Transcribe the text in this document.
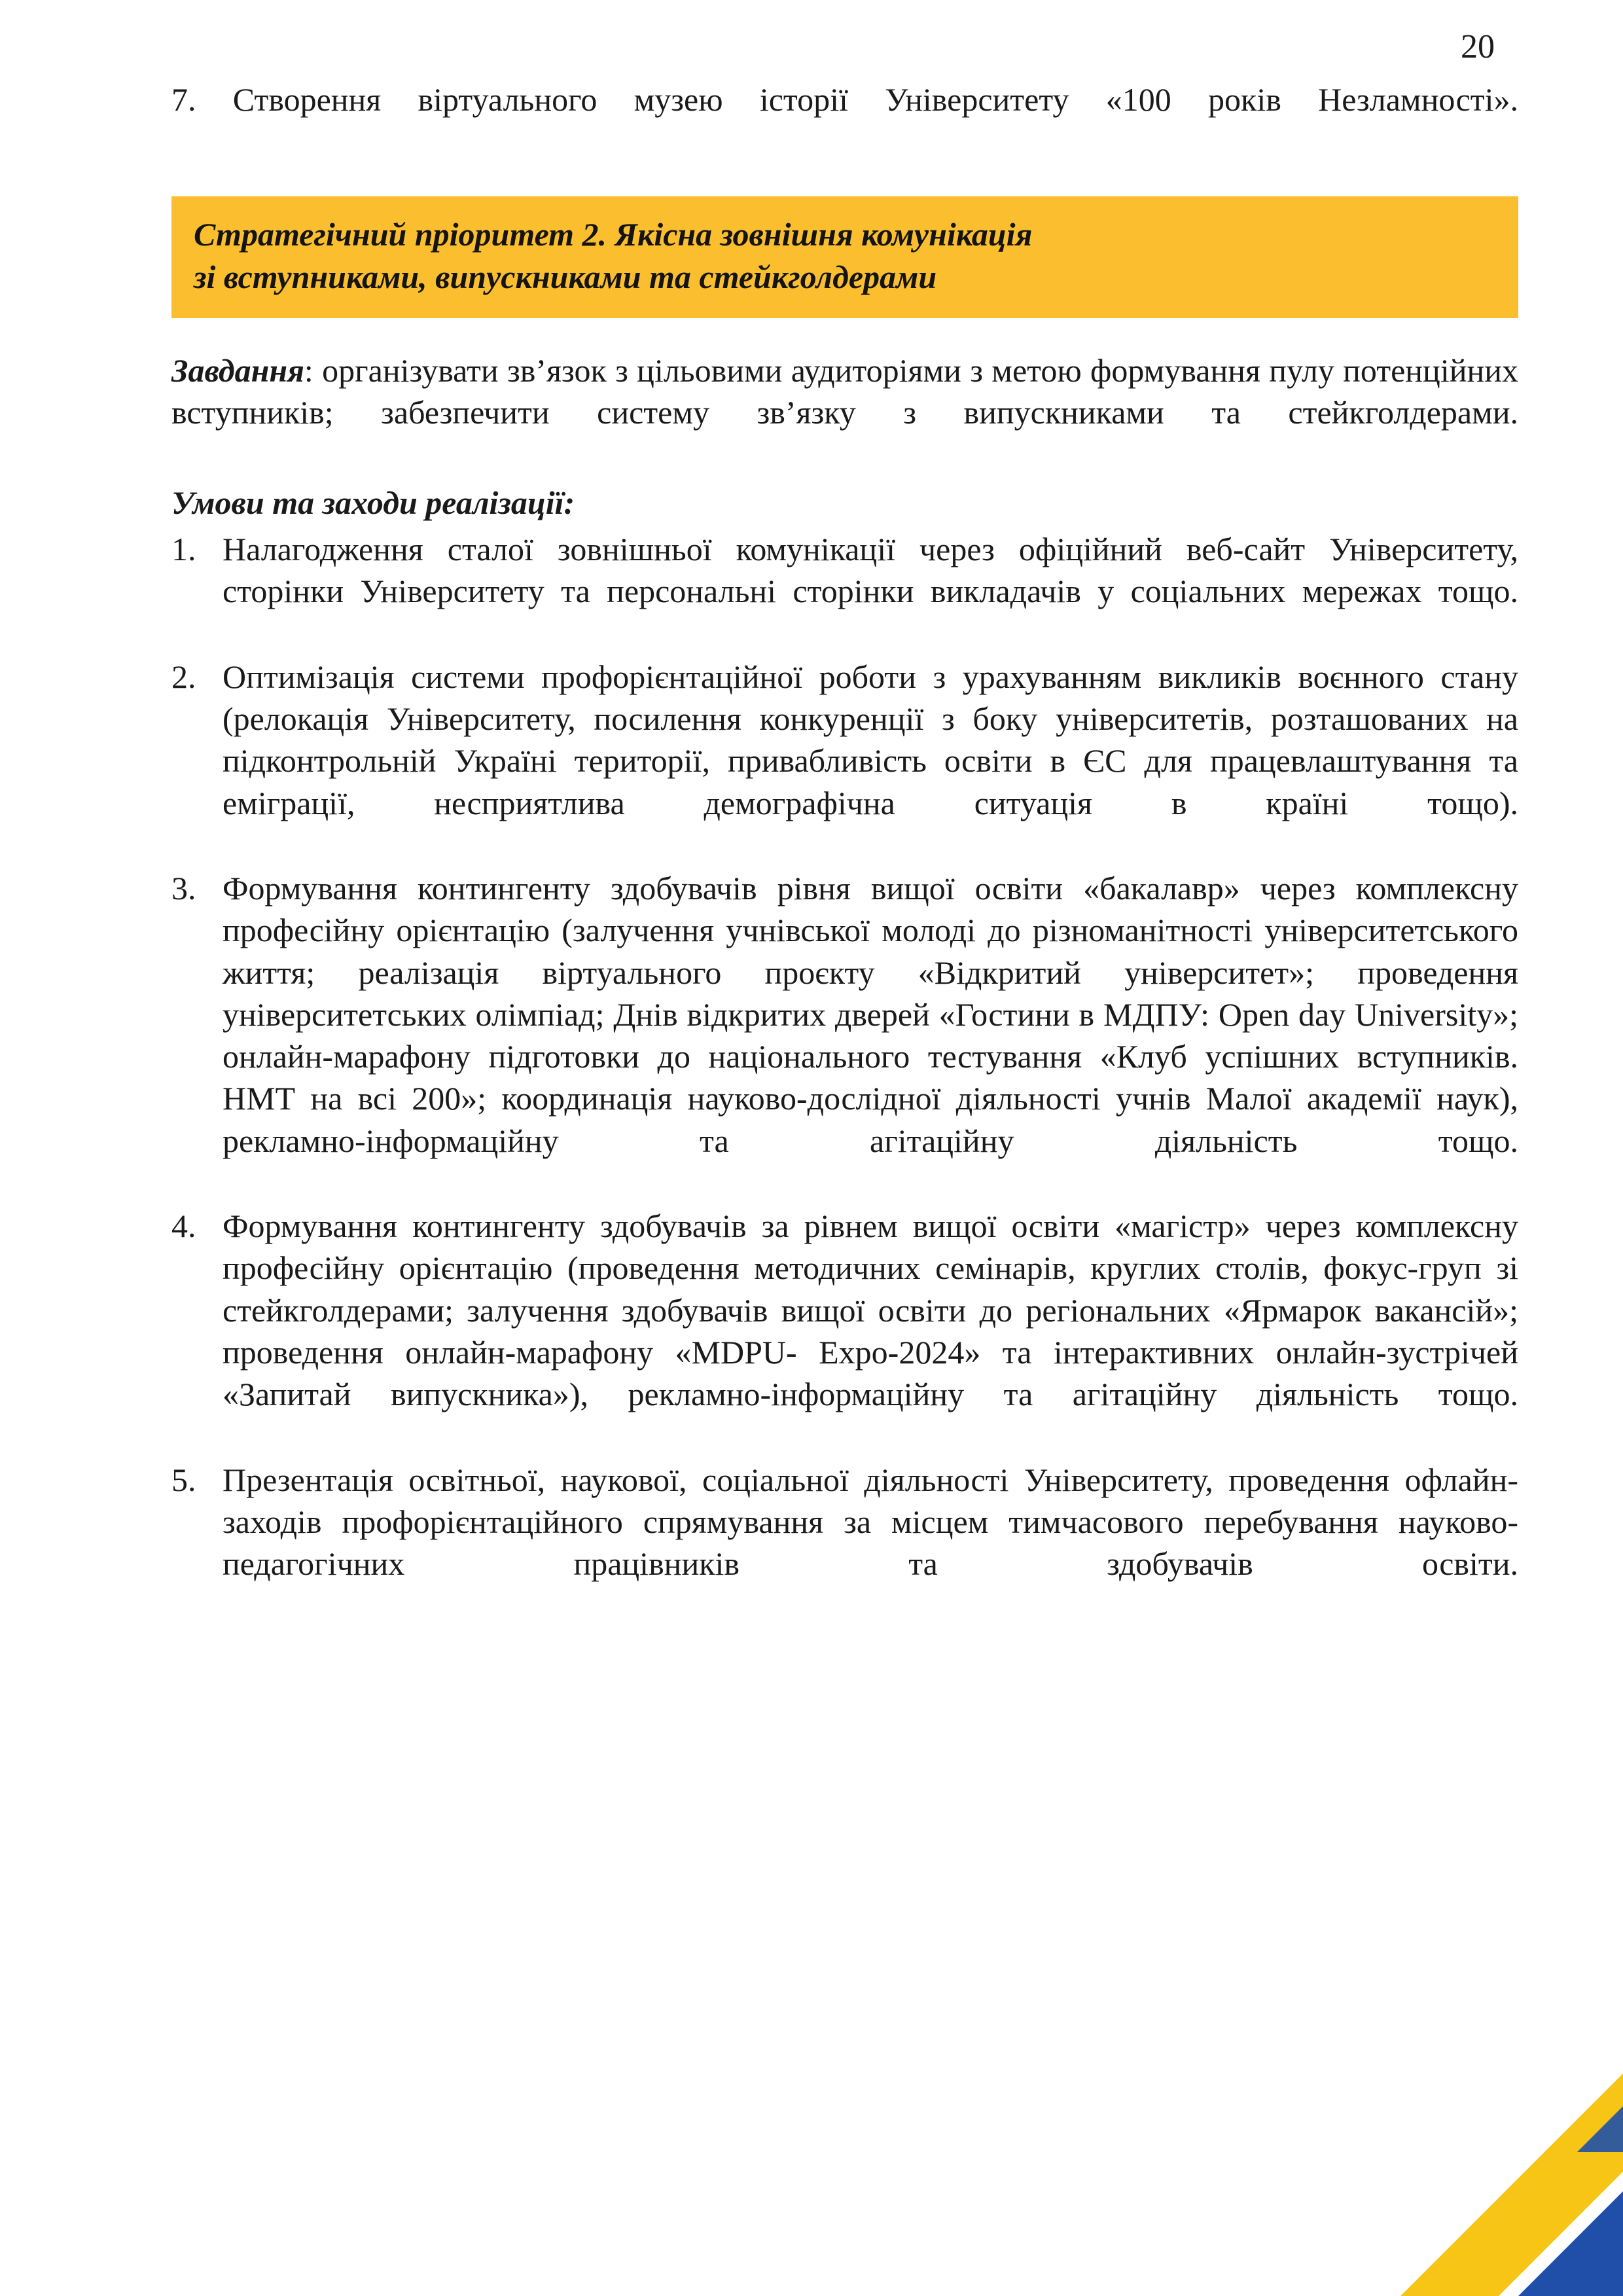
20

7. Створення віртуального музею історії Університету «100 років Незламності».

Стратегічний пріоритет 2. Якісна зовнішня комунікація
зі вступниками, випускниками та стейкголдерами

Завдання: організувати зв’язок з цільовими аудиторіями з метою формування пулу потенційних вступників; забезпечити систему зв’язку з випускниками та стейкголдерами.

Умови та заходи реалізації:
1. Налагодження сталої зовнішньої комунікації через офіційний веб-сайт Університету, сторінки Університету та персональні сторінки викладачів у соціальних мережах тощо.
2. Оптимізація системи профорієнтаційної роботи з урахуванням викликів воєнного стану (релокація Університету, посилення конкуренції з боку університетів, розташованих на підконтрольній Україні території, привабливість освіти в ЄС для працевлаштування та еміграції, несприятлива демографічна ситуація в країні тощо).
3. Формування контингенту здобувачів рівня вищої освіти «бакалавр» через комплексну професійну орієнтацію (залучення учнівської молоді до різноманітності університетського життя; реалізація віртуального проєкту «Відкритий університет»; проведення університетських олімпіад; Днів відкритих дверей «Гостини в МДПУ: Open day University»; онлайн-марафону підготовки до національного тестування «Клуб успішних вступників. НМТ на всі 200»; координація науково-дослідної діяльності учнів Малої академії наук), рекламно-інформаційну та агітаційну діяльність тощо.
4. Формування контингенту здобувачів за рівнем вищої освіти «магістр» через комплексну професійну орієнтацію (проведення методичних семінарів, круглих столів, фокус-груп зі стейкголдерами; залучення здобувачів вищої освіти до регіональних «Ярмарок вакансій»; проведення онлайн-марафону «MDPU- Expo-2024» та інтерактивних онлайн-зустрічей «Запитай випускника»), рекламно-інформаційну та агітаційну діяльність тощо.
5. Презентація освітньої, наукової, соціальної діяльності Університету, проведення офлайн-заходів профорієнтаційного спрямування за місцем тимчасового перебування науково-педагогічних працівників та здобувачів освіти.
